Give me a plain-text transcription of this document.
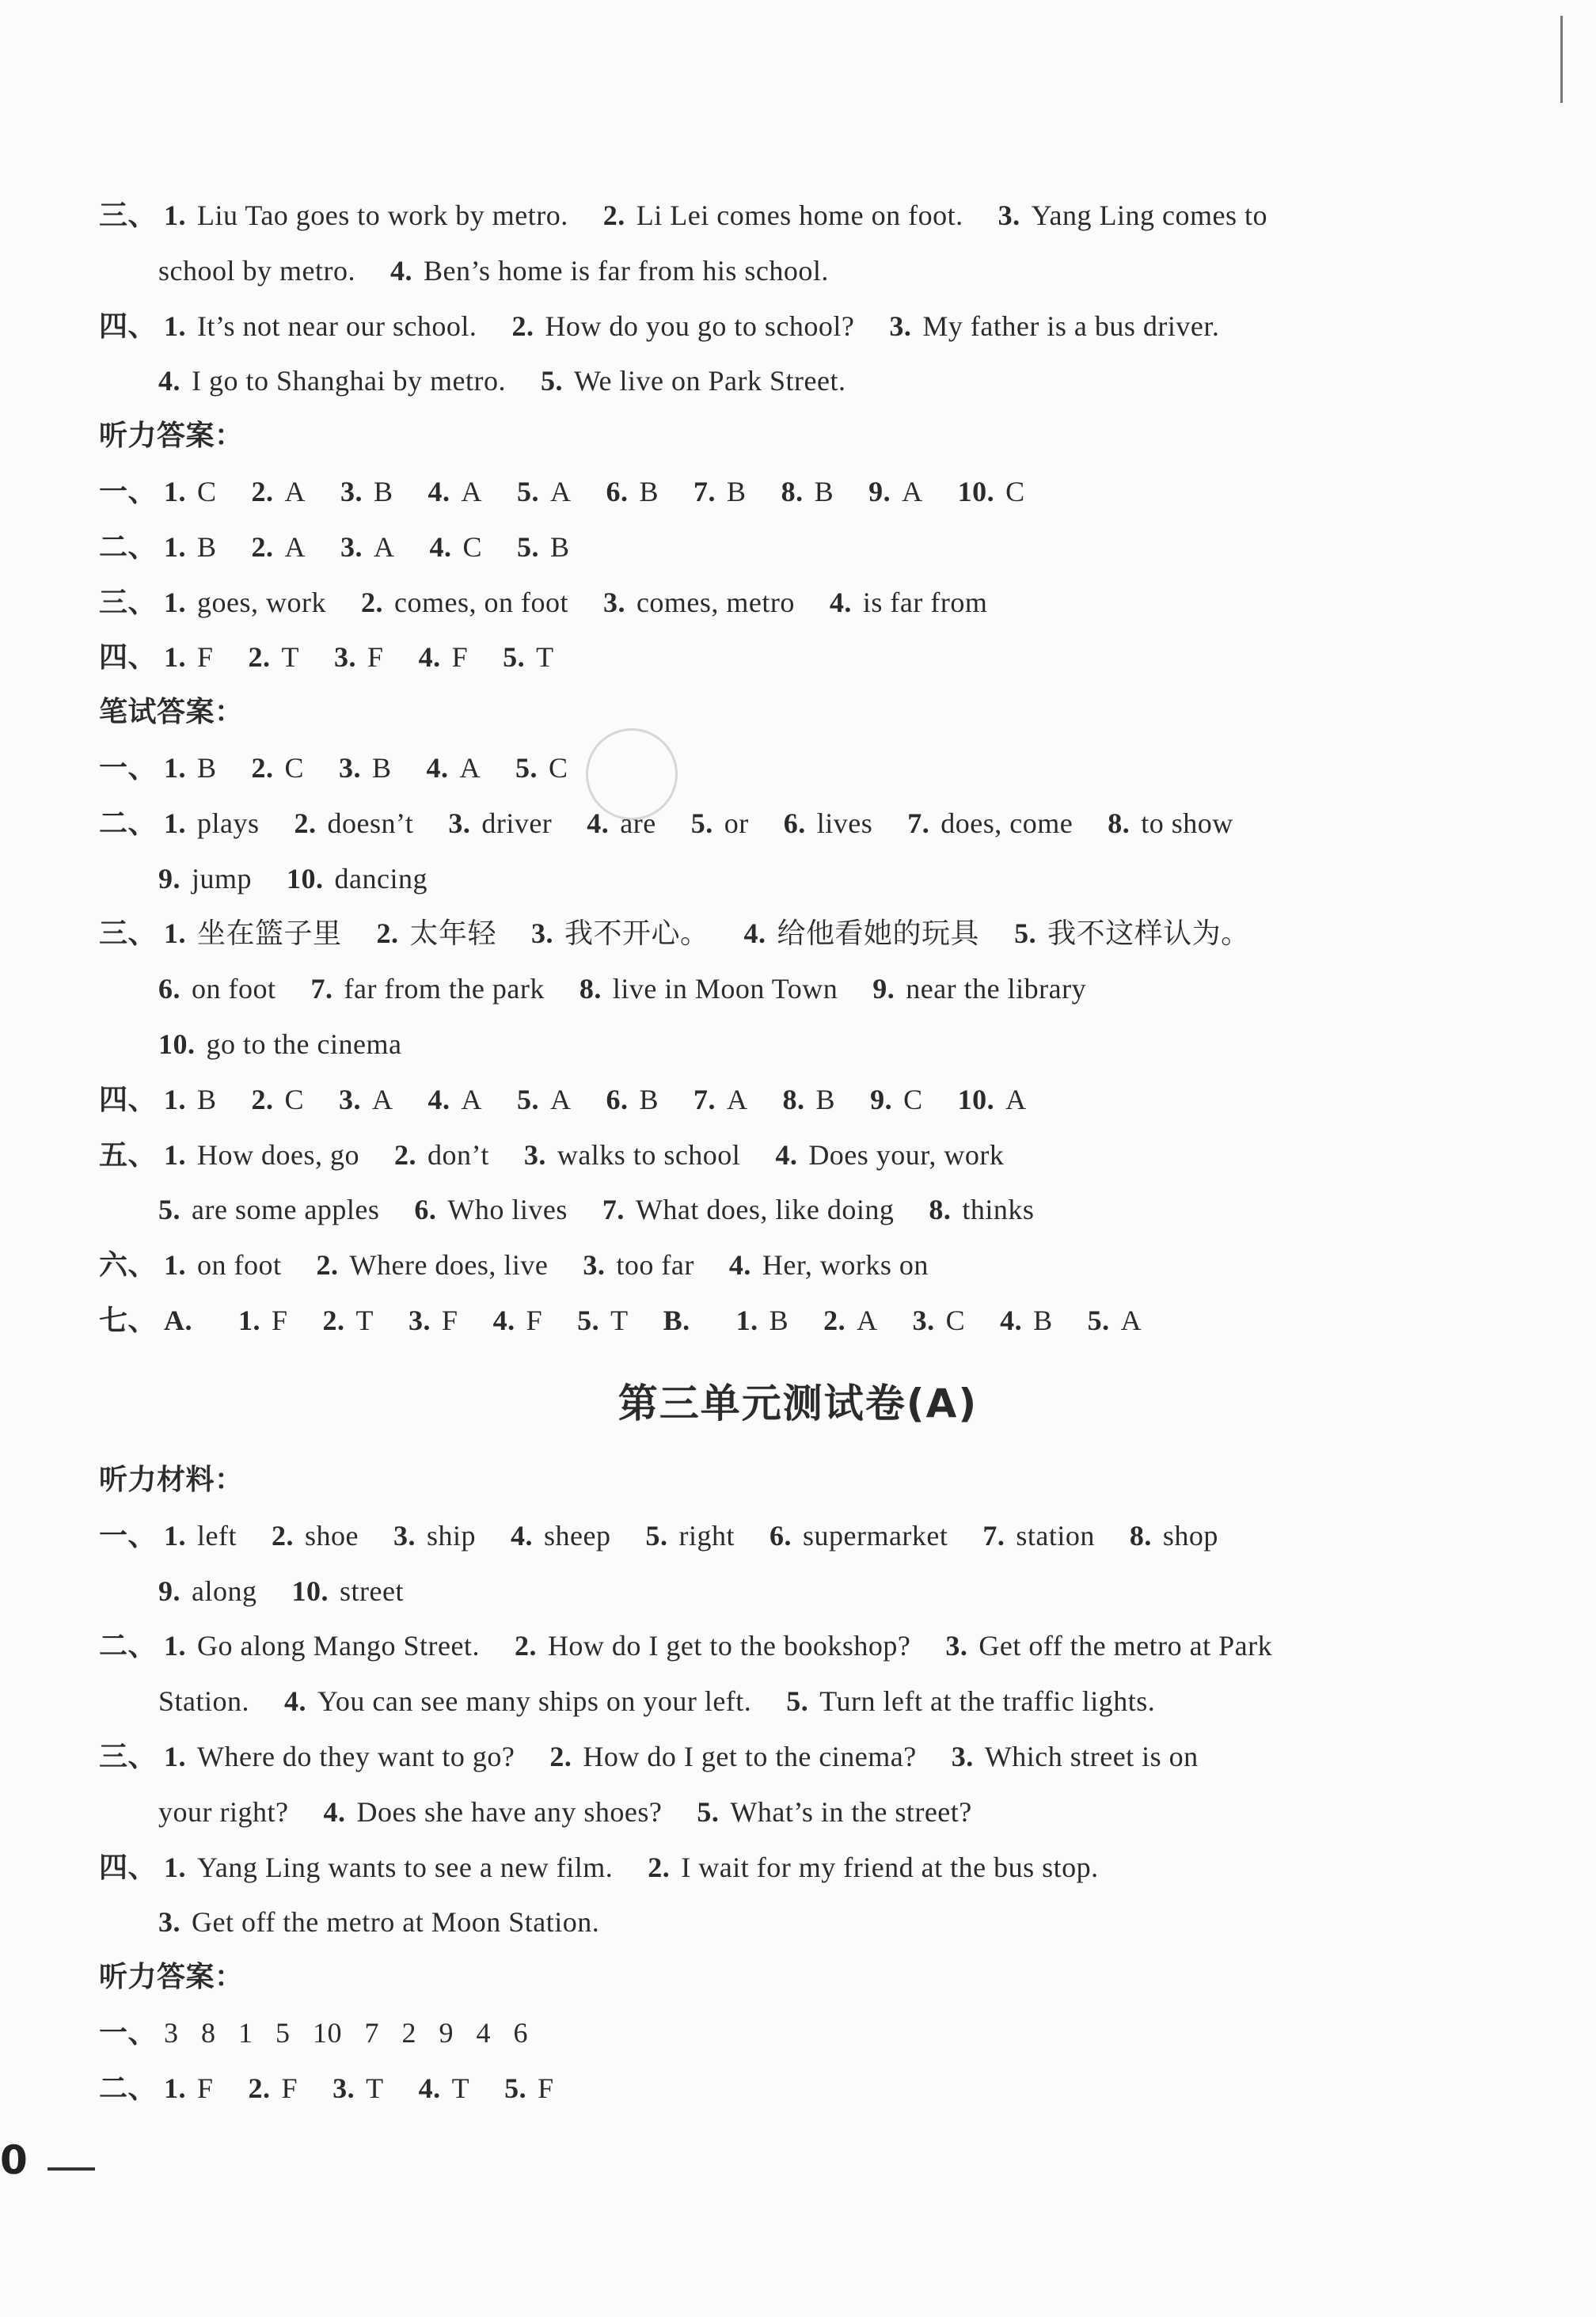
三、 1. Liu Tao goes to work by metro. 2. Li Lei comes home on foot. 3. Yang Ling comes to
school by metro. 4. Ben’s home is far from his school.
四、 1. It’s not near our school. 2. How do you go to school? 3. My father is a bus driver.
4. I go to Shanghai by metro. 5. We live on Park Street.
听力答案：
一、 1. C 2. A 3. B 4. A 5. A 6. B 7. B 8. B 9. A 10. C
二、 1. B 2. A 3. A 4. C 5. B
三、 1. goes, work 2. comes, on foot 3. comes, metro 4. is far from
四、 1. F 2. T 3. F 4. F 5. T
笔试答案：
一、 1. B 2. C 3. B 4. A 5. C
二、 1. plays 2. doesn’t 3. driver 4. are 5. or 6. lives 7. does, come 8. to show
9. jump 10. dancing
三、 1. 坐在篮子里 2. 太年轻 3. 我不开心。 4. 给他看她的玩具 5. 我不这样认为。
6. on foot 7. far from the park 8. live in Moon Town 9. near the library
10. go to the cinema
四、 1. B 2. C 3. A 4. A 5. A 6. B 7. A 8. B 9. C 10. A
五、 1. How does, go 2. don’t 3. walks to school 4. Does your, work
5. are some apples 6. Who lives 7. What does, like doing 8. thinks
六、 1. on foot 2. Where does, live 3. too far 4. Her, works on
七、 A. 1. F 2. T 3. F 4. F 5. T B. 1. B 2. A 3. C 4. B 5. A
听力材料：
一、 1. left 2. shoe 3. ship 4. sheep 5. right 6. supermarket 7. station 8. shop
9. along 10. street
二、 1. Go along Mango Street. 2. How do I get to the bookshop? 3. Get off the metro at Park
Station. 4. You can see many ships on your left. 5. Turn left at the traffic lights.
三、 1. Where do they want to go? 2. How do I get to the cinema? 3. Which street is on
your right? 4. Does she have any shoes? 5. What’s in the street?
四、 1. Yang Ling wants to see a new film. 2. I wait for my friend at the bus stop.
3. Get off the metro at Moon Station.
听力答案：
一、 3   8   1   5   10   7   2   9   4   6
二、 1. F 2. F 3. T 4. T 5. F
第三单元测试卷(A)
0
